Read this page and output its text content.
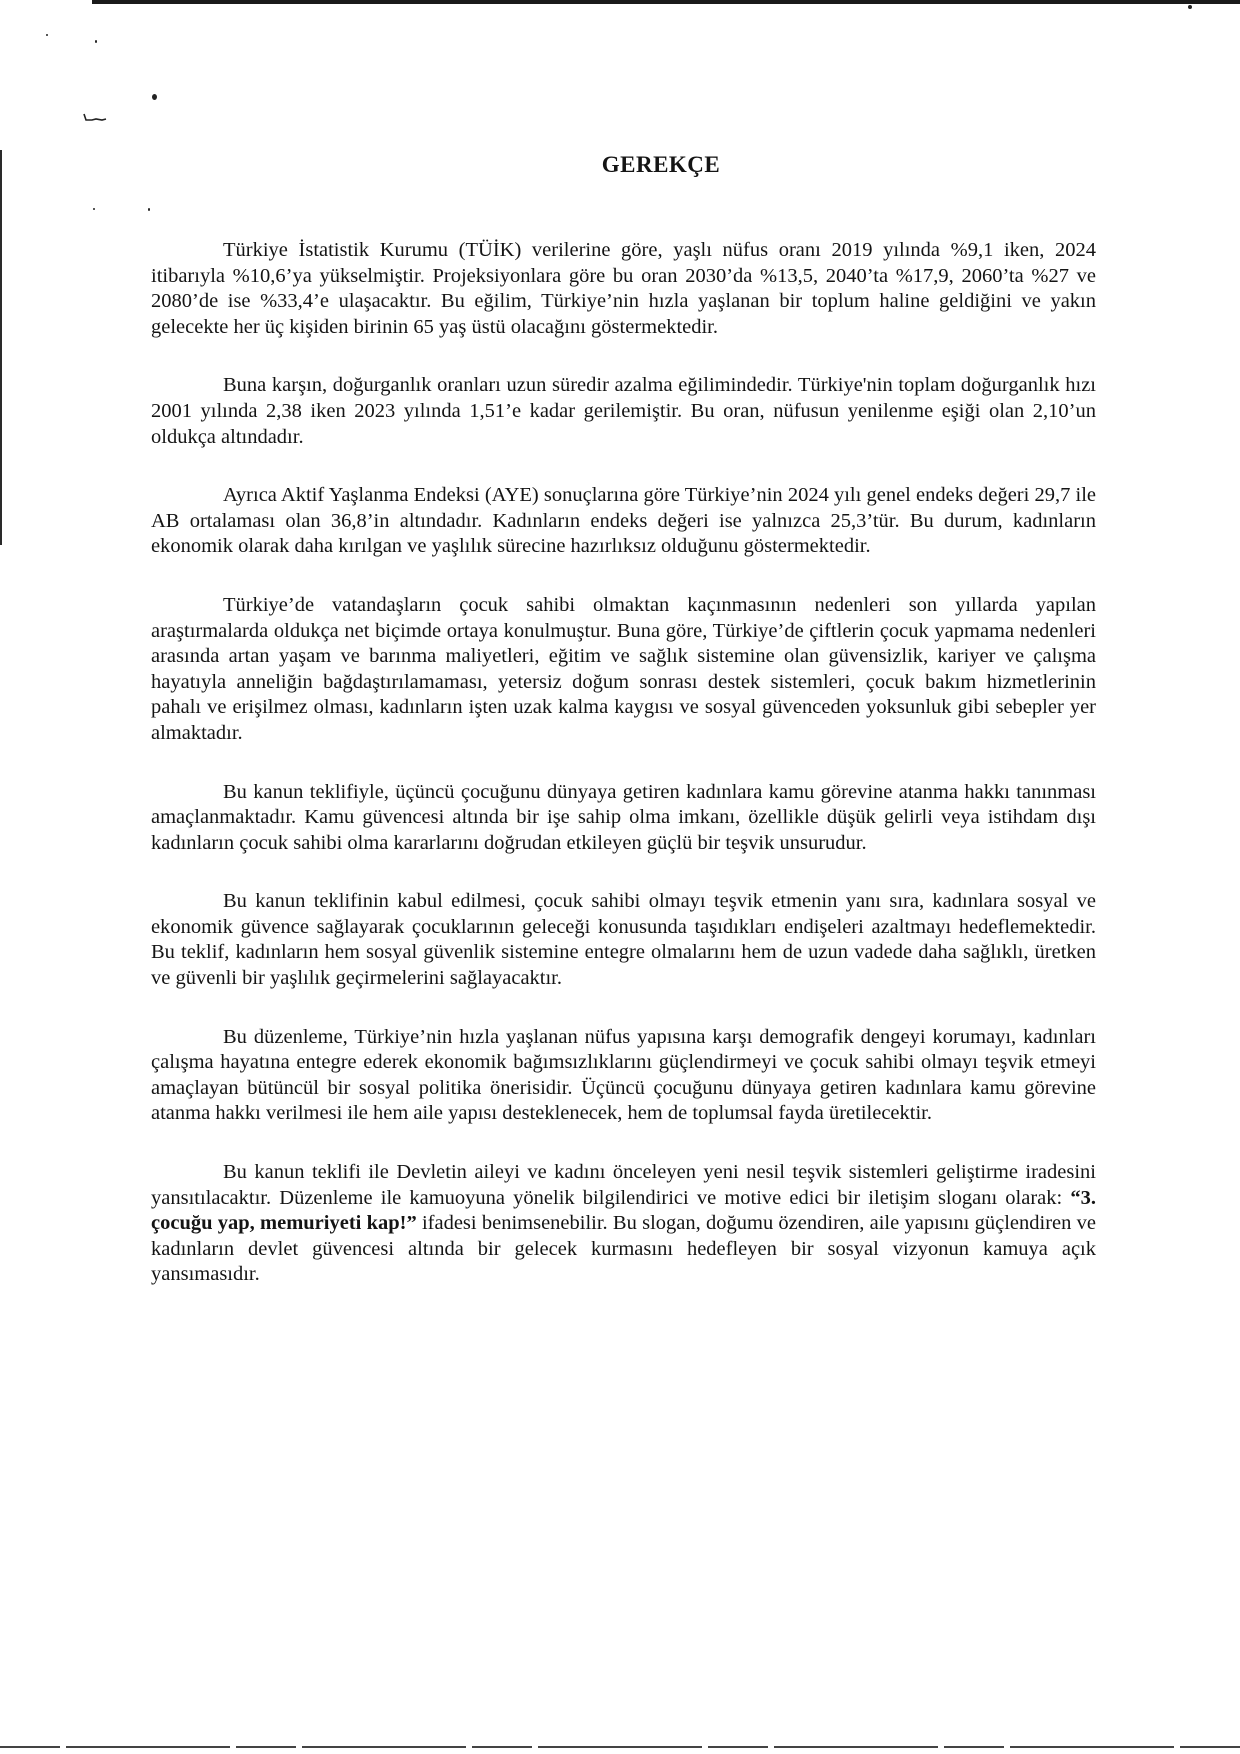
GEREKÇE

Türkiye İstatistik Kurumu (TÜİK) verilerine göre, yaşlı nüfus oranı 2019 yılında %9,1 iken, 2024 itibarıyla %10,6’ya yükselmiştir. Projeksiyonlara göre bu oran 2030’da %13,5, 2040’ta %17,9, 2060’ta %27 ve 2080’de ise %33,4’e ulaşacaktır. Bu eğilim, Türkiye’nin hızla yaşlanan bir toplum haline geldiğini ve yakın gelecekte her üç kişiden birinin 65 yaş üstü olacağını göstermektedir.

Buna karşın, doğurganlık oranları uzun süredir azalma eğilimindedir. Türkiye'nin toplam doğurganlık hızı 2001 yılında 2,38 iken 2023 yılında 1,51’e kadar gerilemiştir. Bu oran, nüfusun yenilenme eşiği olan 2,10’un oldukça altındadır.

Ayrıca Aktif Yaşlanma Endeksi (AYE) sonuçlarına göre Türkiye’nin 2024 yılı genel endeks değeri 29,7 ile AB ortalaması olan 36,8’in altındadır. Kadınların endeks değeri ise yalnızca 25,3’tür. Bu durum, kadınların ekonomik olarak daha kırılgan ve yaşlılık sürecine hazırlıksız olduğunu göstermektedir.

Türkiye’de vatandaşların çocuk sahibi olmaktan kaçınmasının nedenleri son yıllarda yapılan araştırmalarda oldukça net biçimde ortaya konulmuştur. Buna göre, Türkiye’de çiftlerin çocuk yapmama nedenleri arasında artan yaşam ve barınma maliyetleri, eğitim ve sağlık sistemine olan güvensizlik, kariyer ve çalışma hayatıyla anneliğin bağdaştırılamaması, yetersiz doğum sonrası destek sistemleri, çocuk bakım hizmetlerinin pahalı ve erişilmez olması, kadınların işten uzak kalma kaygısı ve sosyal güvenceden yoksunluk gibi sebepler yer almaktadır.

Bu kanun teklifiyle, üçüncü çocuğunu dünyaya getiren kadınlara kamu görevine atanma hakkı tanınması amaçlanmaktadır. Kamu güvencesi altında bir işe sahip olma imkanı, özellikle düşük gelirli veya istihdam dışı kadınların çocuk sahibi olma kararlarını doğrudan etkileyen güçlü bir teşvik unsurudur.

Bu kanun teklifinin kabul edilmesi, çocuk sahibi olmayı teşvik etmenin yanı sıra, kadınlara sosyal ve ekonomik güvence sağlayarak çocuklarının geleceği konusunda taşıdıkları endişeleri azaltmayı hedeflemektedir. Bu teklif, kadınların hem sosyal güvenlik sistemine entegre olmalarını hem de uzun vadede daha sağlıklı, üretken ve güvenli bir yaşlılık geçirmelerini sağlayacaktır.

Bu düzenleme, Türkiye’nin hızla yaşlanan nüfus yapısına karşı demografik dengeyi korumayı, kadınları çalışma hayatına entegre ederek ekonomik bağımsızlıklarını güçlendirmeyi ve çocuk sahibi olmayı teşvik etmeyi amaçlayan bütüncül bir sosyal politika önerisidir. Üçüncü çocuğunu dünyaya getiren kadınlara kamu görevine atanma hakkı verilmesi ile hem aile yapısı desteklenecek, hem de toplumsal fayda üretilecektir.

Bu kanun teklifi ile Devletin aileyi ve kadını önceleyen yeni nesil teşvik sistemleri geliştirme iradesini yansıtılacaktır. Düzenleme ile kamuoyuna yönelik bilgilendirici ve motive edici bir iletişim sloganı olarak: “3. çocuğu yap, memuriyeti kap!” ifadesi benimsenebilir. Bu slogan, doğumu özendiren, aile yapısını güçlendiren ve kadınların devlet güvencesi altında bir gelecek kurmasını hedefleyen bir sosyal vizyonun kamuya açık yansımasıdır.
